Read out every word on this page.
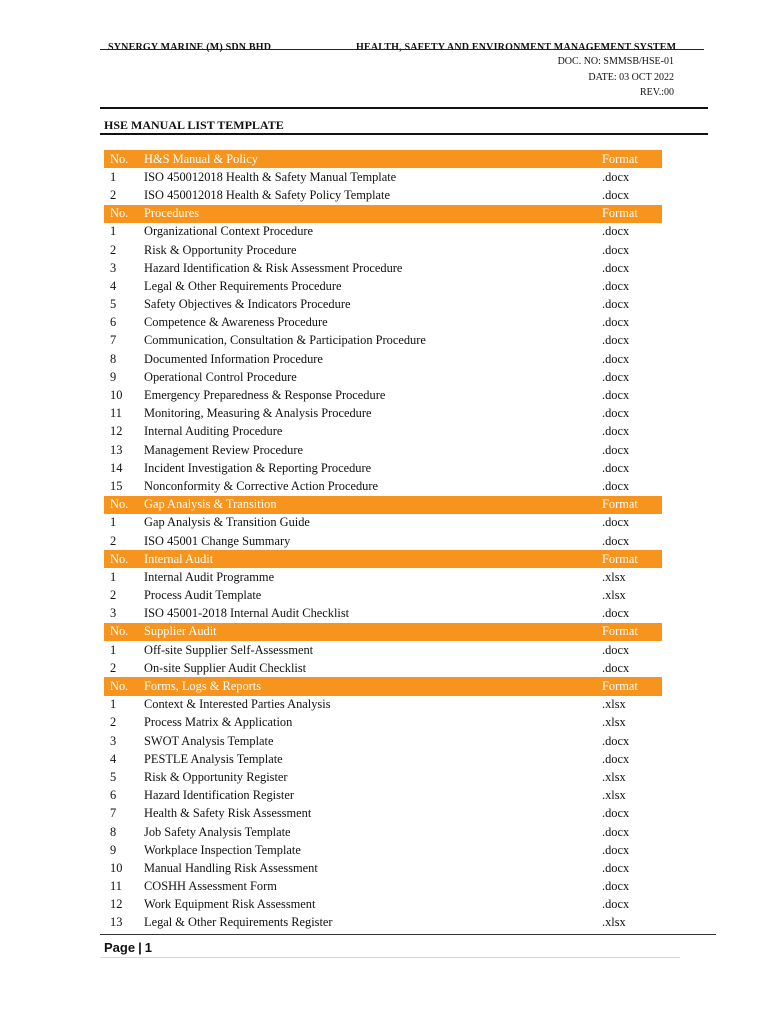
SYNERGY MARINE (M) SDN BHD	HEALTH, SAFETY AND ENVIRONMENT MANAGEMENT SYSTEM
DOC. NO: SMMSB/HSE-01
DATE: 03 OCT 2022
REV.:00
HSE MANUAL LIST TEMPLATE
No.	H&S Manual & Policy	Format
1	ISO 450012018 Health & Safety Manual Template	.docx
2	ISO 450012018 Health & Safety Policy Template	.docx
No.	Procedures	Format
1	Organizational Context Procedure	.docx
2	Risk & Opportunity Procedure	.docx
3	Hazard Identification & Risk Assessment Procedure	.docx
4	Legal & Other Requirements Procedure	.docx
5	Safety Objectives & Indicators Procedure	.docx
6	Competence & Awareness Procedure	.docx
7	Communication, Consultation & Participation Procedure	.docx
8	Documented Information Procedure	.docx
9	Operational Control Procedure	.docx
10	Emergency Preparedness & Response Procedure	.docx
11	Monitoring, Measuring & Analysis Procedure	.docx
12	Internal Auditing Procedure	.docx
13	Management Review Procedure	.docx
14	Incident Investigation & Reporting Procedure	.docx
15	Nonconformity & Corrective Action Procedure	.docx
No.	Gap Analysis & Transition	Format
1	Gap Analysis & Transition Guide	.docx
2	ISO 45001 Change Summary	.docx
No.	Internal Audit	Format
1	Internal Audit Programme	.xlsx
2	Process Audit Template	.xlsx
3	ISO 45001-2018 Internal Audit Checklist	.docx
No.	Supplier Audit	Format
1	Off-site Supplier Self-Assessment	.docx
2	On-site Supplier Audit Checklist	.docx
No.	Forms, Logs & Reports	Format
1	Context & Interested Parties Analysis	.xlsx
2	Process Matrix & Application	.xlsx
3	SWOT Analysis Template	.docx
4	PESTLE Analysis Template	.docx
5	Risk & Opportunity Register	.xlsx
6	Hazard Identification Register	.xlsx
7	Health & Safety Risk Assessment	.docx
8	Job Safety Analysis Template	.docx
9	Workplace Inspection Template	.docx
10	Manual Handling Risk Assessment	.docx
11	COSHH Assessment Form	.docx
12	Work Equipment Risk Assessment	.docx
13	Legal & Other Requirements Register	.xlsx
Page | 1
